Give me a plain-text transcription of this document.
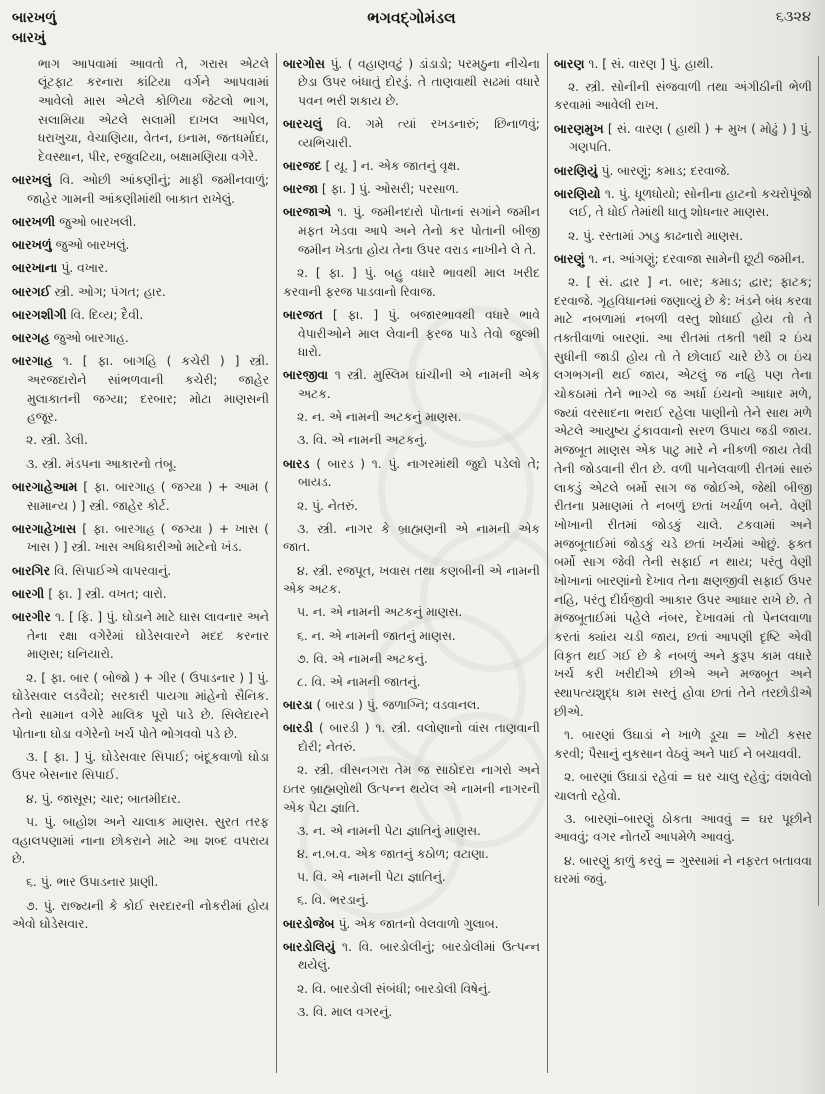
બારખળું
બારખું
ભગવદ્ગોમંડલ	૬૩૨૪

ભાગ આપવામાં આવતો તે, ગરાસ એટલે લૂંટફાટ કરનારા કાંટિયા વર્ગને આપવામાં આવેલો માસ એટલે કોળિયા જેટલો ભાગ, સલામિયા એટલે સલામી દાખલ આપેલ, ધરાખુચા, વેચાણિયા, વેતન, ઇનામ, જતધર્માદા, દેવસ્થાન, પીર, રજુવટિયા, બક્ષામણિયા વગેરે.

બારખલું વિ. ઓછી આંકણીનું; માફી જમીનવાળું; જાહેર ગામની આંકણીમાંથી બાકાત રાખેલું.

બારખળી જુઓ બારખલી.

બારખળું જુઓ બારખલું.

બારખાના પું. વખાર.

બારગઈ સ્ત્રી. ઓગ; પંગત; હાર.

બારગશીગી વિ. દિવ્ય; દૈવી.

બારગહ જુઓ બારગાહ.

બારગાહ ૧. [ ફા. બાગહિ ( કચેરી ) ] સ્ત્રી. અરજદારોને સાંભળવાની કચેરી; જાહેર મુલાકાતની જગ્યા; દરબાર; મોટા માણસની હજૂર.

૨. સ્ત્રી. ડેલી.

૩. સ્ત્રી. મંડપના આકારનો તંબૂ.

બારગાહેઆમ [ ફા. બારગાહ ( જગ્યા ) + આમ ( સામાન્ય ) ] સ્ત્રી. જાહેર કોર્ટ.

બારગાહેખાસ [ ફા. બારગાહ ( જગ્યા ) + ખાસ ( ખાસ ) ] સ્ત્રી. ખાસ અધિકારીઓ માટેનો ખંડ.

બારગિર વિ. સિપાઈએ વાપરવાનું.

બારગી [ ફા. ] સ્ત્રી. વખત; વારો.

બારગીર ૧. [ ફિ. ] પું. ઘોડાને માટે ઘાસ લાવનાર અને તેના રક્ષા વગેરેમાં ઘોડેસવારને મદદ કરનાર માણસ; ઘનિયારો.

૨. [ ફા. બાર ( બોજો ) + ગીર ( ઉપાડનાર ) ] પું. ઘોડેસવાર લડવૈયો; સરકારી પાયગા માંહેનો સૈનિક. તેનો સામાન વગેરે માલિક પૂરો પાડે છે. સિલેદારને પોતાના ઘોડા વગેરેનો ખર્ચ પોતે ભોગવવો પડે છે.

૩. [ ફા. ] પું. ઘોડેસવાર સિપાઈ; બંદૂકવાળો ઘોડા ઉપર બેસનાર સિપાઈ.

૪. પું. જાસૂસ; ચાર; બાતમીદાર.

૫. પું. બાહોશ અને ચાલાક માણસ. સુરત તરફ વહાલપણામાં નાના છોકરાને માટે આ શબ્દ વપરાય છે.

૬. પું. ભાર ઉપાડનાર પ્રાણી.

૭. પું. રાજ્યની કે કોઈ સરદારની નોકરીમાં હોય એવો ઘોડેસવાર.

બારગોસ પું. ( વહાણવટું ) ડાંડાડો; પરમઠુના નીચેના છેડા ઉપર બંધાતું દોરડું. તે તાણવાથી સઢમાં વધારે પવન ભરી શકાય છે.

બારચલું વિ. ગમે ત્યાં રખડનારું; છિનાળવું; વ્યભિચારી.

બારજદ [ યૂ. ] ન. એક જાતનું વૃક્ષ.

બારજા [ ફા. ] પું. ઓસરી; પરસાળ.

બારજાએ ૧. પું. જમીનદારો પોતાનાં સગાંને જમીન મફત ખેડવા આપે અને તેનો કર પોતાની બીજી જમીન ખેડતા હોય તેના ઉપર વરાડ નાખીને લે તે.

૨. [ ફા. ] પું. બહુ વધારે ભાવથી માલ ખરીદ કરવાની ફરજ પાડવાનો રિવાજ.

બારજત [ ફા. ] પું. બજારભાવથી વધારે ભાવે વેપારીઓને માલ લેવાની ફરજ પાડે તેવો જુલ્મી ધારો.

બારજીવા ૧ સ્ત્રી. મુસ્લિમ ઘાંચીની એ નામની એક અટક.

૨. ન. એ નામની અટકનું માણસ.

૩. વિ. એ નામની અટકનું.

બારડ ( બારડ ) ૧. પું. નાગરમાંથી જુદો પડેલો તે; બાયડ.

૨. પું. નેતરું.

૩. સ્ત્રી. નાગર કે બ્રાહ્મણની એ નામની એક જાત.

૪. સ્ત્રી. રજપૂત, ખવાસ તથા કણબીની એ નામની એક અટક.

૫. ન. એ નામની અટકનું માણસ.

૬. ન. એ નામની જાતનું માણસ.

૭. વિ. એ નામની અટકનું.

૮. વિ. એ નામની જાતનું.

બારડા ( બારડા ) પું. જળાગ્નિ; વડવાનલ.

બારડી ( બારડી ) ૧. સ્ત્રી. વલોણાનો વાંસ તાણવાની દોરી; નેતરું.

૨. સ્ત્રી. વીસનગરા તેમ જ સાઠોદરા નાગરો અને ઇતર બ્રાહ્મણોથી ઉત્પન્ન થયેલ એ નામની નાગરની એક પેટા જ્ઞાતિ.

૩. ન. એ નામની પેટા જ્ઞાતિનું માણસ.

૪. ન.બ.વ. એક જાતનું કઠોળ; વટાણા.

૫. વિ. એ નામની પેટા જ્ઞાતિનું.

૬. વિ. ભરડાનું.

બારડોજેબ પું. એક જાતનો વેલવાળો ગુલાબ.

બારડોલિયું ૧. વિ. બારડોલીનું; બારડોલીમાં ઉત્પન્ન થયેલું.

૨. વિ. બારડોલી સંબંધી; બારડોલી વિષેનું.

૩. વિ. માલ વગરનું.

બારણ ૧. [ સં. વારણ ] પું. હાથી.

૨. સ્ત્રી. સોનીની સંજવાળી તથા અંગીઠીની ભેળી કરવામાં આવેલી રાખ.

બારણમુખ [ સં. વારણ ( હાથી ) + મુખ ( મોઢું ) ] પું. ગણપતિ.

બારણિયું પું. બારણું; કમાડ; દરવાજે.

બારણિયો ૧. પું. ધૂળધોયો; સોનીના હાટનો કચરોપૂંજો લઈ, તે ધોઈ તેમાંથી ધાતુ શોધનાર માણસ.

૨. પું. રસ્તામાં ઝાડુ કાઢનારો માણસ.

બારણું ૧. ન. આંગણું; દરવાજા સામેની છૂટી જમીન.

૨. [ સં. દ્વાર ] ન. બાર; કમાડ; દ્વાર; ફાટક; દરવાજે. ગૃહવિધાનમાં જણાવ્યું છે કે: ખંડને બંધ કરવા માટે નબળામાં નબળી વસ્તુ શોધાઈ હોય તો તે તક્તીવાળાં બારણાં. આ રીતમાં તક્તી ૧થી ૨ ઇંચ સુધીની જાડી હોય તો તે છોલાઈ ચારે છેડે ૦ા ઇંચ લગભગની થઈ જાય, એટલું જ નહિ પણ તેના ચોકઠામાં તેને ભાગ્યે જ અર્ધા ઇંચનો આધાર મળે, જ્યાં વરસાદના ભરાઈ રહેલા પાણીનો તેને સાથ મળે એટલે આયુષ્ય ટુંકાવવાનો સરળ ઉપાય જડી જાય. મજબૂત માણસ એક પાટુ મારે ને નીકળી જાય તેવી તેની જોડવાની રીત છે. વળી પાનેલવાળી રીતમાં સારું લાકડું એટલે બર્મો સાગ જ જોઈએ, જેથી બીજી રીતના પ્રમાણમાં તે નબળું છતાં ખર્ચાળ બને. વેણી ખોખાની રીતમાં જોડકું ચાલે. ટકવામાં અને મજબૂતાઈમાં જોડકું ચડે છતાં ખર્ચમાં ઓછું. ફક્ત બર્મો સાગ જેવી તેની સફાઈ ન થાય; પરંતુ વેણી ખોખાનાં બારણાંનો દેખાવ તેના ક્ષણજીવી સફાઈ ઉપર નહિ, પરંતુ દીર્ઘજીવી આકાર ઉપર આધાર રાખે છે. તે મજબૂતાઈમાં પહેલે નંબર, દેખાવમાં તો પેનલવાળા કરતાં ક્યાંય ચડી જાય, છતાં આપણી દૃષ્ટિ એવી વિકૃત થઈ ગઈ છે કે નબળું અને કુરૂપ કામ વધારે ખર્ચ કરી ખરીદીએ છીએ અને મજબૂત અને સ્થાપત્યશુદ્ધ કામ સસ્તું હોવા છતાં તેને તરછોડીએ છીએ.

૧. બારણાં ઉઘાડાં ને ખાળે ડૂચા = ખોટી કસર કરવી; પૈસાનું નુકસાન વેઠવું અને પાઈ ને બચાવવી.

૨. બારણાં ઉઘાડાં રહેવાં = ઘર ચાલુ રહેવું; વંશવેલો ચાલતો રહેવો.

૩. બારણાં–બારણું ઠોકતા આવવું = ઘર પૂછીને આવવું; વગર નોતર્યે આપમેળે આવવું.

૪. બારણું કાળું કરવું = ગુસ્સામાં ને નફરત બતાવવા ઘરમાં જવું.
